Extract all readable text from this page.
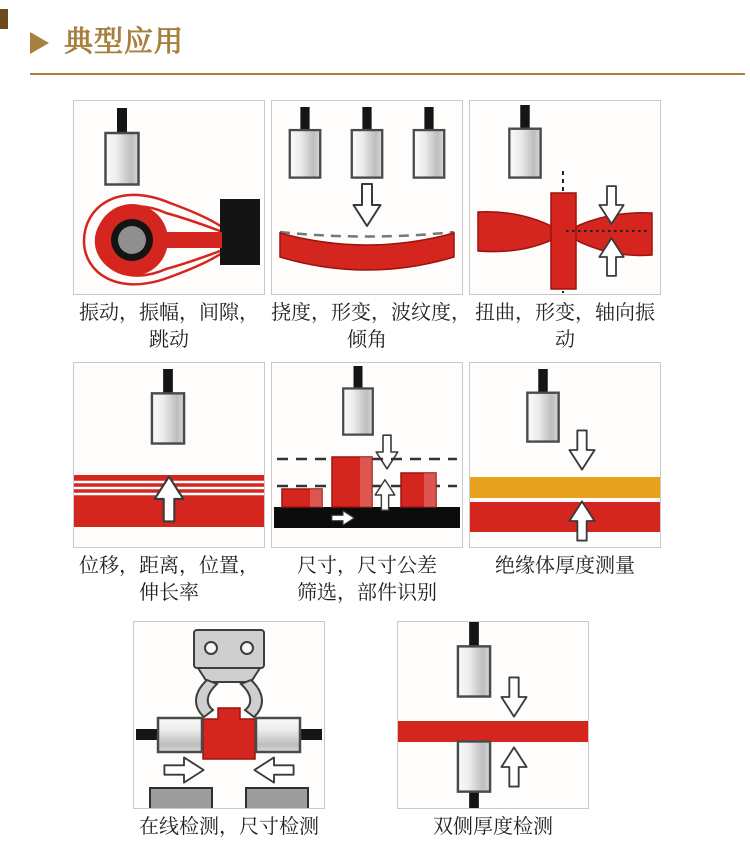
典型应用
振动，振幅，间隙，
跳动
挠度，形变，波纹度，
倾角
扭曲，形变，轴向振
动
位移，距离，位置，
伸长率
尺寸，尺寸公差
筛选，部件识别
绝缘体厚度测量
在线检测，尺寸检测	双侧厚度检测
